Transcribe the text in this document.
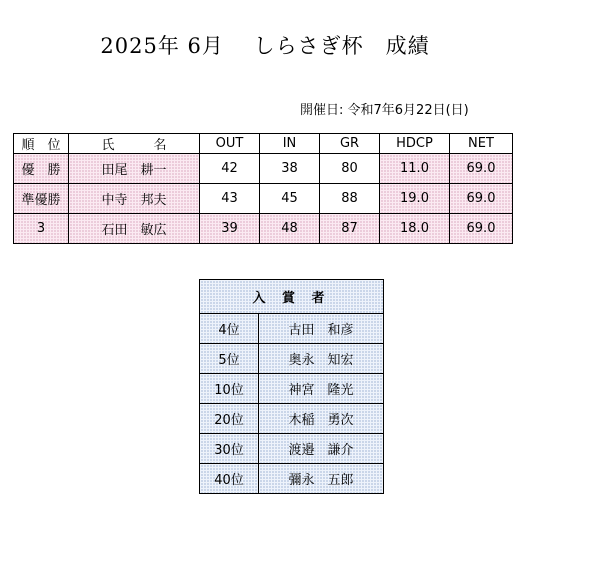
2025年 6月　 しらさぎ杯　成績
開催日: 令和7年6月22日(日)
順　位	氏　　　名	OUT	IN	GR	HDCP	NET
優　勝	田尾　耕一	42	38	80	11.0	69.0
準優勝	中寺　邦夫	43	45	88	19.0	69.0
3	石田　敏広	39	48	87	18.0	69.0
入 賞 者	
4位	古田　和彦
5位	奥永　知宏
10位	神宮　隆光
20位	木稲　勇次
30位	渡邉　謙介
40位	彌永　五郎
